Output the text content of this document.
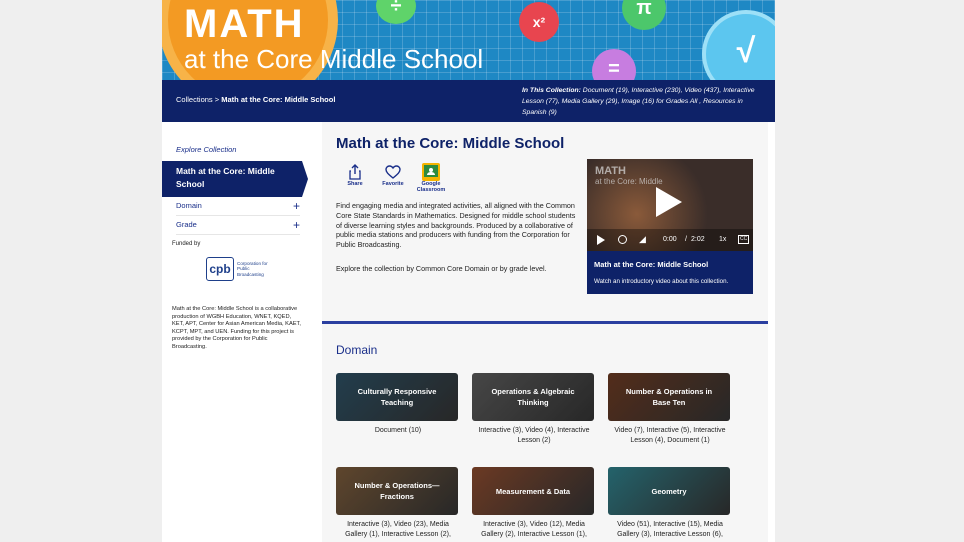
MATH
at the Core Middle School
÷
x²
π
=	√
Collections > Math at the Core: Middle School
In This Collection: Document (19), Interactive (230), Video (437), Interactive Lesson (77), Media Gallery (29), Image (16) for Grades All , Resources in Spanish (9)
Explore Collection
Math at the Core: Middle School
Domain	+
Grade	+
Funded by
cpb	Corporation for Public Broadcasting
Math at the Core: Middle School is a collaborative production of WGBH Education, WNET, KQED, KET, APT, Center for Asian American Media, KAET, KCPT, MPT, and UEN. Funding for this project is provided by the Corporation for Public Broadcasting.
Math at the Core: Middle School
Share	Favorite	Google Classroom
Find engaging media and integrated activities, all aligned with the Common Core State Standards in Mathematics. Designed for middle school students of diverse learning styles and backgrounds. Produced by a collaborative of public media stations and producers with funding from the Corporation for Public Broadcasting.
Explore the collection by Common Core Domain or by grade level.
MATH
at the Core: Middle
◢ 0:00 / 2:02 1x	CC
Math at the Core: Middle School
Watch an introductory video about this collection.
Domain
Culturally Responsive Teaching
Document (10)
Operations & Algebraic Thinking
Interactive (3), Video (4), Interactive Lesson (2)
Number & Operations in Base Ten
Video (7), Interactive (5), Interactive Lesson (4), Document (1)
Number & Operations—Fractions
Interactive (3), Video (23), Media Gallery (1), Interactive Lesson (2),
Measurement & Data
Interactive (3), Video (12), Media Gallery (2), Interactive Lesson (1),
Geometry
Video (51), Interactive (15), Media Gallery (3), Interactive Lesson (6),
